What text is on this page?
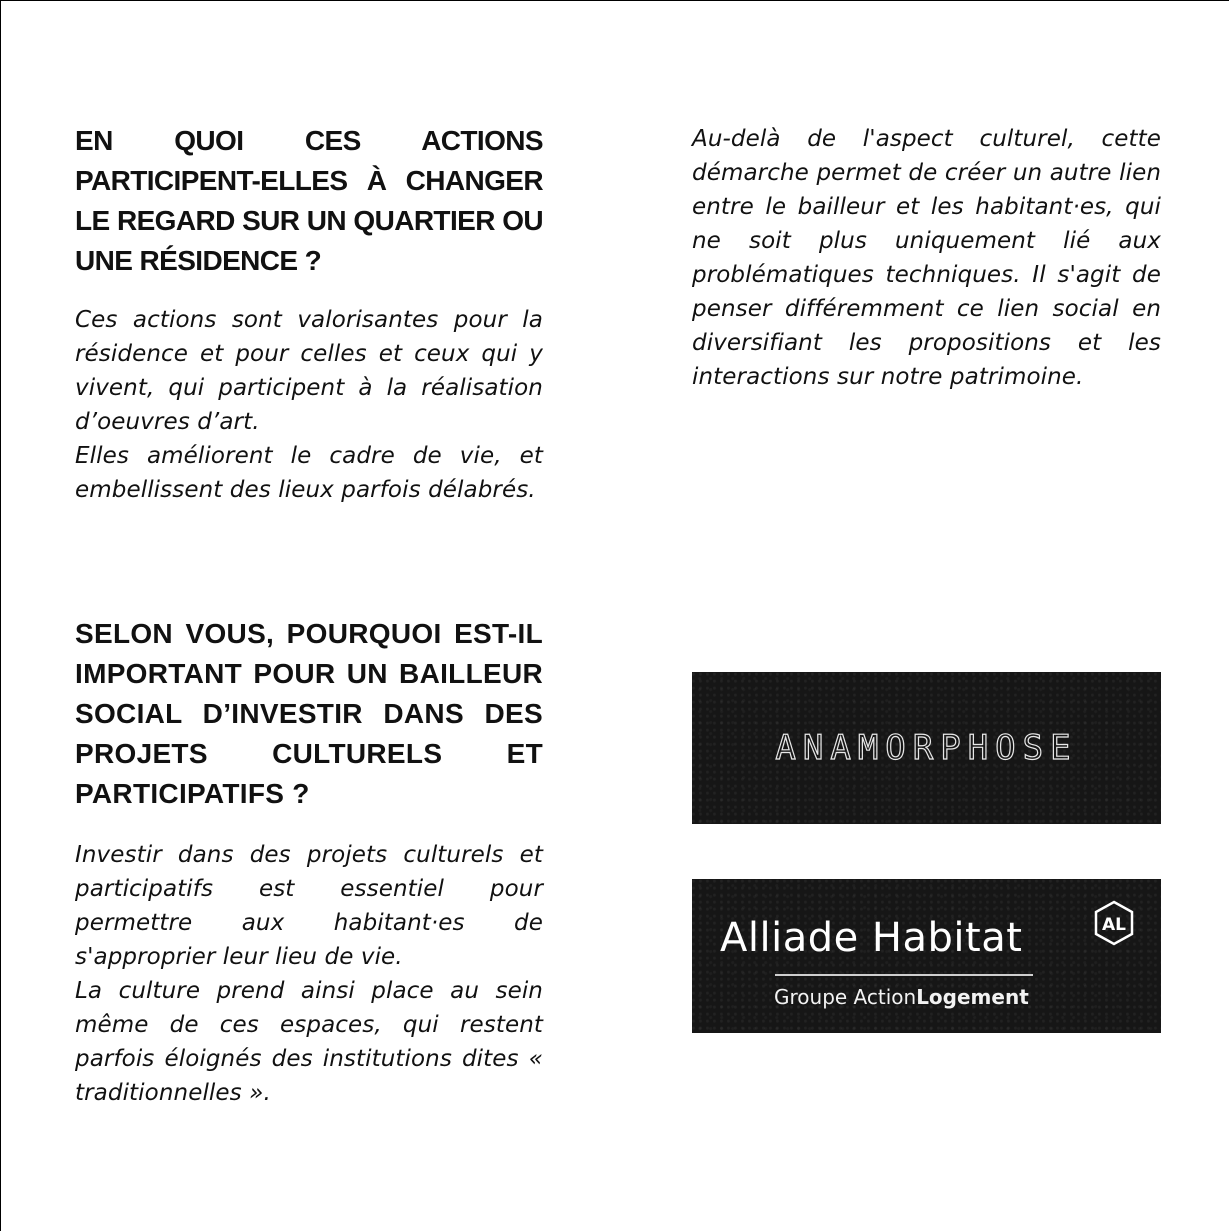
EN QUOI CES ACTIONS PARTICIPENT-ELLES À CHANGER LE REGARD SUR UN QUARTIER OU UNE RÉSIDENCE ?

Ces actions sont valorisantes pour la résidence et pour celles et ceux qui y vivent, qui participent à la réalisation d’oeuvres d’art.
Elles améliorent le cadre de vie, et embellissent des lieux parfois délabrés.

Au-delà de l'aspect culturel, cette démarche permet de créer un autre lien entre le bailleur et les habitant·es, qui ne soit plus uniquement lié aux problématiques techniques. Il s'agit de penser différemment ce lien social en diversifiant les propositions et les interactions sur notre patrimoine.

SELON VOUS, POURQUOI EST-IL IMPORTANT POUR UN BAILLEUR SOCIAL D’INVESTIR DANS DES PROJETS CULTURELS ET PARTICIPATIFS ?

Investir dans des projets culturels et participatifs est essentiel pour permettre aux habitant·es de s'approprier leur lieu de vie.
La culture prend ainsi place au sein même de ces espaces, qui restent parfois éloignés des institutions dites « traditionnelles ».

ANAMORPHOSE
Alliade Habitat	AL
Groupe ActionLogement
